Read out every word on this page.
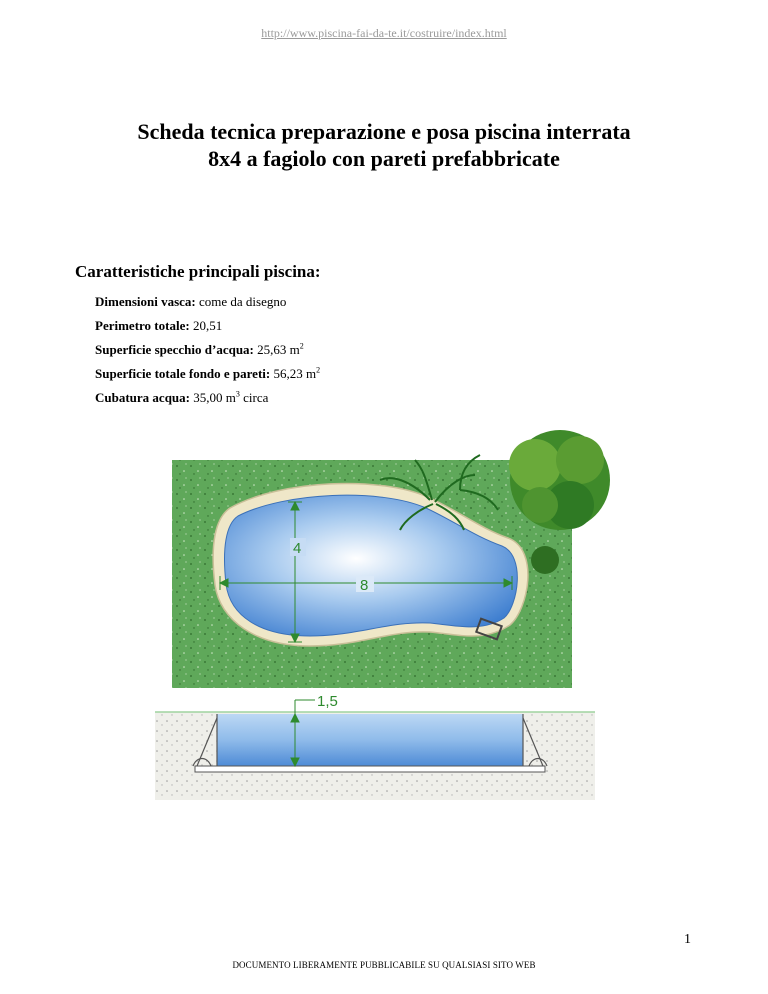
http://www.piscina-fai-da-te.it/costruire/index.html
Scheda tecnica preparazione e posa piscina interrata
8x4 a fagiolo con pareti prefabbricate
Caratteristiche principali piscina:
Dimensioni vasca: come da disegno
Perimetro totale: 20,51
Superficie specchio d’acqua: 25,63 $m^2$
Superficie totale fondo e pareti: 56,23 $m^2$
Cubatura acqua: 35,00 $m^3$ circa
4
8
1,5
1
DOCUMENTO LIBERAMENTE PUBBLICABILE SU QUALSIASI SITO WEB
